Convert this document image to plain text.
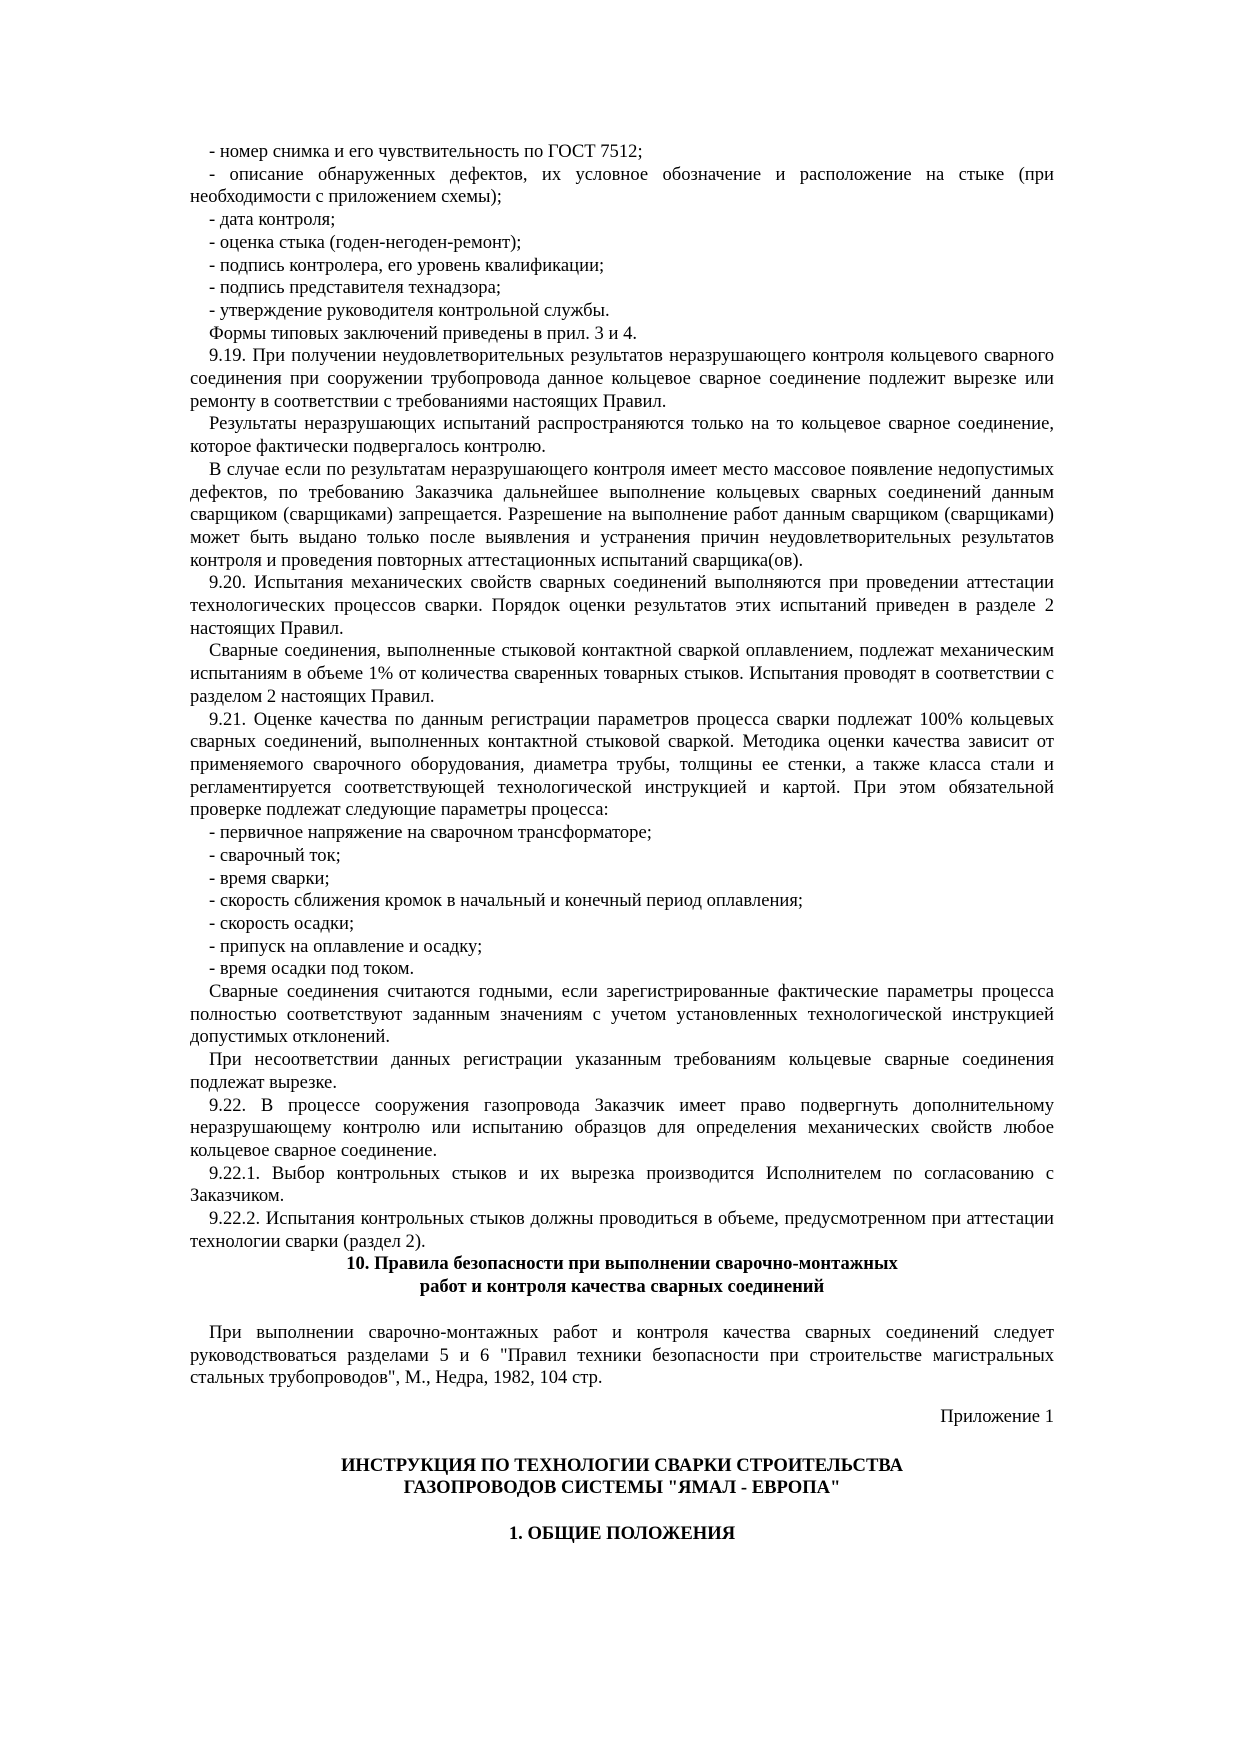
- номер снимка и его чувствительность по ГОСТ 7512;

- описание обнаруженных дефектов, их условное обозначение и расположение на стыке (при необходимости с приложением схемы);

- дата контроля;

- оценка стыка (годен-негоден-ремонт);

- подпись контролера, его уровень квалификации;

- подпись представителя технадзора;

- утверждение руководителя контрольной службы.

Формы типовых заключений приведены в прил. 3 и 4.

9.19. При получении неудовлетворительных результатов неразрушающего контроля кольцевого сварного соединения при сооружении трубопровода данное кольцевое сварное соединение подлежит вырезке или ремонту в соответствии с требованиями настоящих Правил.

Результаты неразрушающих испытаний распространяются только на то кольцевое сварное соединение, которое фактически подвергалось контролю.

В случае если по результатам неразрушающего контроля имеет место массовое появление недопустимых дефектов, по требованию Заказчика дальнейшее выполнение кольцевых сварных соединений данным сварщиком (сварщиками) запрещается. Разрешение на выполнение работ данным сварщиком (сварщиками) может быть выдано только после выявления и устранения причин неудовлетворительных результатов контроля и проведения повторных аттестационных испытаний сварщика(ов).

9.20. Испытания механических свойств сварных соединений выполняются при проведении аттестации технологических процессов сварки. Порядок оценки результатов этих испытаний приведен в разделе 2 настоящих Правил.

Сварные соединения, выполненные стыковой контактной сваркой оплавлением, подлежат механическим испытаниям в объеме 1% от количества сваренных товарных стыков. Испытания проводят в соответствии с разделом 2 настоящих Правил.

9.21. Оценке качества по данным регистрации параметров процесса сварки подлежат 100% кольцевых сварных соединений, выполненных контактной стыковой сваркой. Методика оценки качества зависит от применяемого сварочного оборудования, диаметра трубы, толщины ее стенки, а также класса стали и регламентируется соответствующей технологической инструкцией и картой. При этом обязательной проверке подлежат следующие параметры процесса:

- первичное напряжение на сварочном трансформаторе;

- сварочный ток;

- время сварки;

- скорость сближения кромок в начальный и конечный период оплавления;

- скорость осадки;

- припуск на оплавление и осадку;

- время осадки под током.

Сварные соединения считаются годными, если зарегистрированные фактические параметры процесса полностью соответствуют заданным значениям с учетом установленных технологической инструкцией допустимых отклонений.

При несоответствии данных регистрации указанным требованиям кольцевые сварные соединения подлежат вырезке.

9.22. В процессе сооружения газопровода Заказчик имеет право подвергнуть дополнительному неразрушающему контролю или испытанию образцов для определения механических свойств любое кольцевое сварное соединение.

9.22.1. Выбор контрольных стыков и их вырезка производится Исполнителем по согласованию с Заказчиком.

9.22.2. Испытания контрольных стыков должны проводиться в объеме, предусмотренном при аттестации технологии сварки (раздел 2).

10. Правила безопасности при выполнении сварочно-монтажных

работ и контроля качества сварных соединений

При выполнении сварочно-монтажных работ и контроля качества сварных соединений следует руководствоваться разделами 5 и 6 "Правил техники безопасности при строительстве магистральных стальных трубопроводов", М., Недра, 1982, 104 стр.

Приложение 1

ИНСТРУКЦИЯ ПО ТЕХНОЛОГИИ СВАРКИ СТРОИТЕЛЬСТВА

ГАЗОПРОВОДОВ СИСТЕМЫ "ЯМАЛ - ЕВРОПА"

1. ОБЩИЕ ПОЛОЖЕНИЯ
